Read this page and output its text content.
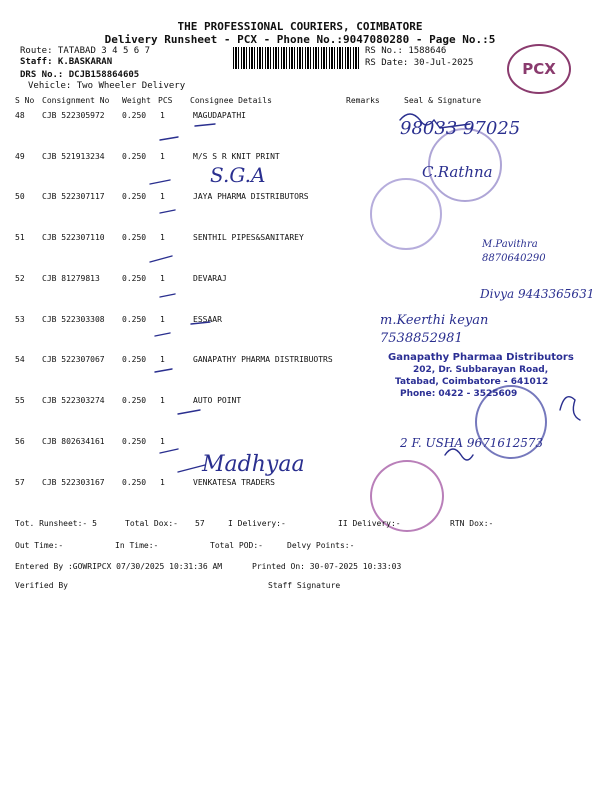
THE PROFESSIONAL COURIERS, COIMBATORE
Delivery Runsheet - PCX - Phone No.:9047080280 - Page No.:5
Route: TATABAD 3 4 5 6 7
Staff: K.BASKARAN
DRS No.: DCJB158864605
Vehicle: Two Wheeler Delivery
RS No.: 1588646
RS Date: 30-Jul-2025	PCX
S No Consignment No Weight PCS Consignee Details	Remarks	Seal & Signature
48 CJB 522305972 0.250 1	MAGUDAPATHI
49 CJB 521913234 0.250 1	M/S S R KNIT PRINT
50 CJB 522307117 0.250 1	JAYA PHARMA DISTRIBUTORS
51 CJB 522307110 0.250 1	SENTHIL PIPES&SANITAREY
52 CJB 81279813	0.250 1	DEVARAJ
53 CJB 522303308 0.250 1	ESSAAR
54 CJB 522307067 0.250 1	GANAPATHY PHARMA DISTRIBUOTRS
55 CJB 522303274 0.250 1	AUTO POINT
56 CJB 802634161 0.250 1
57 CJB 522303167 0.250 1	VENKATESA TRADERS
98033 97025
C.Rathna
S.G.A
M.Pavithra 8870640290
Divya 9443365631
m.Keerthi keyan 7538852981
2 F. USHA 9671612573
Madhyaa
Ganapathy Pharmaa Distributors
202, Dr. Subbarayan Road,
Tatabad, Coimbatore - 641012
Phone: 0422 - 3525609
Tot. Runsheet:- 5	Total Dox:- 57	I Delivery:-	II Delivery:-	RTN Dox:-
Out Time:-	In Time:-	Total POD:-	Delvy Points:-
Entered By :GOWRIPCX 07/30/2025 10:31:36 AM	Printed On: 30-07-2025 10:33:03
Verified By	Staff Signature
